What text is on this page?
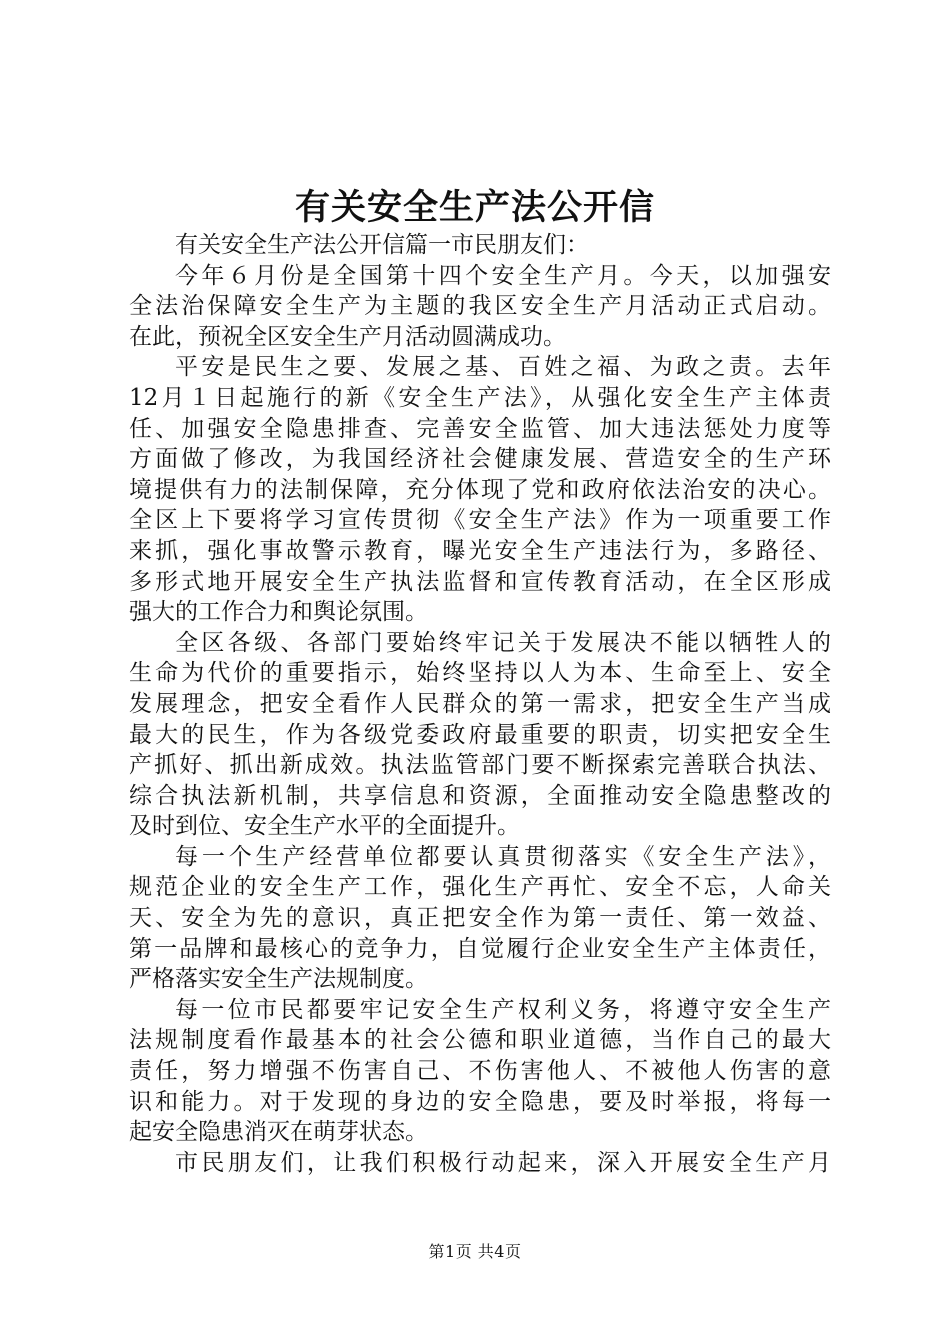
有关安全生产法公开信
有关安全生产法公开信篇一市民朋友们：
今年６月份是全国第十四个安全生产月。今天，以加强安
全法治保障安全生产为主题的我区安全生产月活动正式启动。
在此，预祝全区安全生产月活动圆满成功。
平安是民生之要、发展之基、百姓之福、为政之责。去年
12月１日起施行的新《安全生产法》，从强化安全生产主体责
任、加强安全隐患排查、完善安全监管、加大违法惩处力度等
方面做了修改，为我国经济社会健康发展、营造安全的生产环
境提供有力的法制保障，充分体现了党和政府依法治安的决心。
全区上下要将学习宣传贯彻《安全生产法》作为一项重要工作
来抓，强化事故警示教育，曝光安全生产违法行为，多路径、
多形式地开展安全生产执法监督和宣传教育活动，在全区形成
强大的工作合力和舆论氛围。
全区各级、各部门要始终牢记关于发展决不能以牺牲人的
生命为代价的重要指示，始终坚持以人为本、生命至上、安全
发展理念，把安全看作人民群众的第一需求，把安全生产当成
最大的民生，作为各级党委政府最重要的职责，切实把安全生
产抓好、抓出新成效。执法监管部门要不断探索完善联合执法、
综合执法新机制，共享信息和资源，全面推动安全隐患整改的
及时到位、安全生产水平的全面提升。
每一个生产经营单位都要认真贯彻落实《安全生产法》，
规范企业的安全生产工作，强化生产再忙、安全不忘，人命关
天、安全为先的意识，真正把安全作为第一责任、第一效益、
第一品牌和最核心的竞争力，自觉履行企业安全生产主体责任，
严格落实安全生产法规制度。
每一位市民都要牢记安全生产权利义务，将遵守安全生产
法规制度看作最基本的社会公德和职业道德，当作自己的最大
责任，努力增强不伤害自己、不伤害他人、不被他人伤害的意
识和能力。对于发现的身边的安全隐患，要及时举报，将每一
起安全隐患消灭在萌芽状态。
市民朋友们，让我们积极行动起来，深入开展安全生产月
第1页 共4页
